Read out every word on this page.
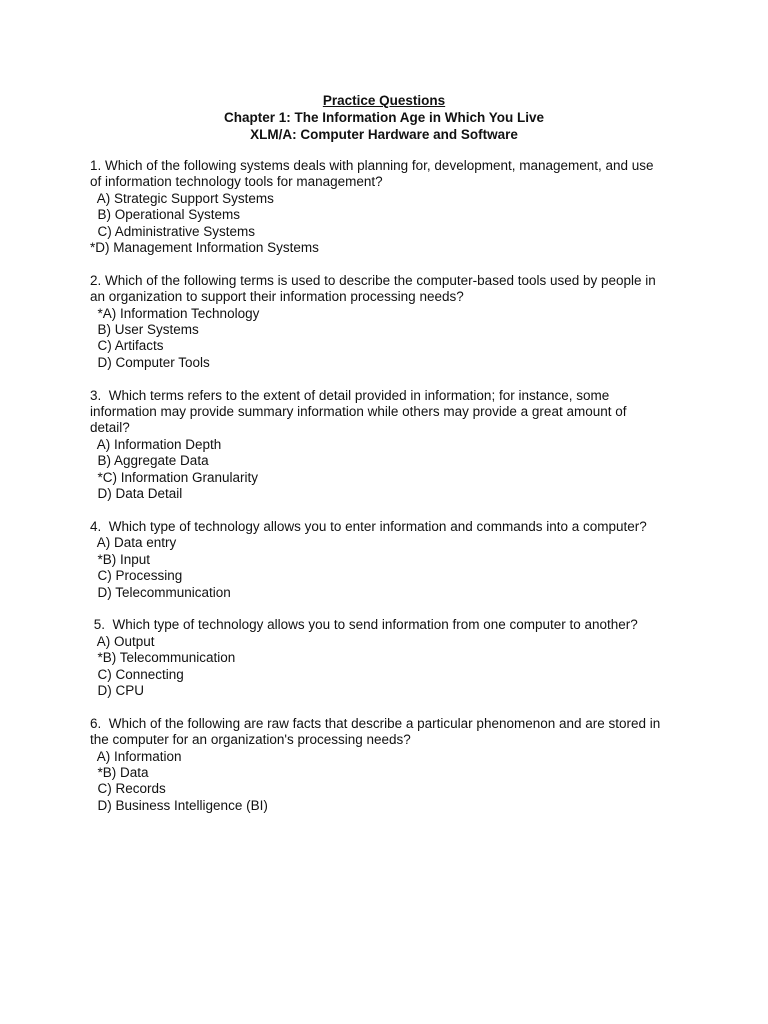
Practice Questions
Chapter 1: The Information Age in Which You Live
XLM/A: Computer Hardware and Software

1. Which of the following systems deals with planning for, development, management, and use
of information technology tools for management?

A) Strategic Support Systems
B) Operational Systems
C) Administrative Systems
*D) Management Information Systems

2. Which of the following terms is used to describe the computer-based tools used by people in
an organization to support their information processing needs?

*A) Information Technology
B) User Systems
C) Artifacts
D) Computer Tools

3.  Which terms refers to the extent of detail provided in information; for instance, some
information may provide summary information while others may provide a great amount of
detail?

A) Information Depth
B) Aggregate Data
*C) Information Granularity
D) Data Detail

4.  Which type of technology allows you to enter information and commands into a computer?

A) Data entry
*B) Input
C) Processing
D) Telecommunication

5.  Which type of technology allows you to send information from one computer to another?

A) Output
*B) Telecommunication
C) Connecting
D) CPU

6.  Which of the following are raw facts that describe a particular phenomenon and are stored in
the computer for an organization's processing needs?

A) Information
*B) Data
C) Records
D) Business Intelligence (BI)
